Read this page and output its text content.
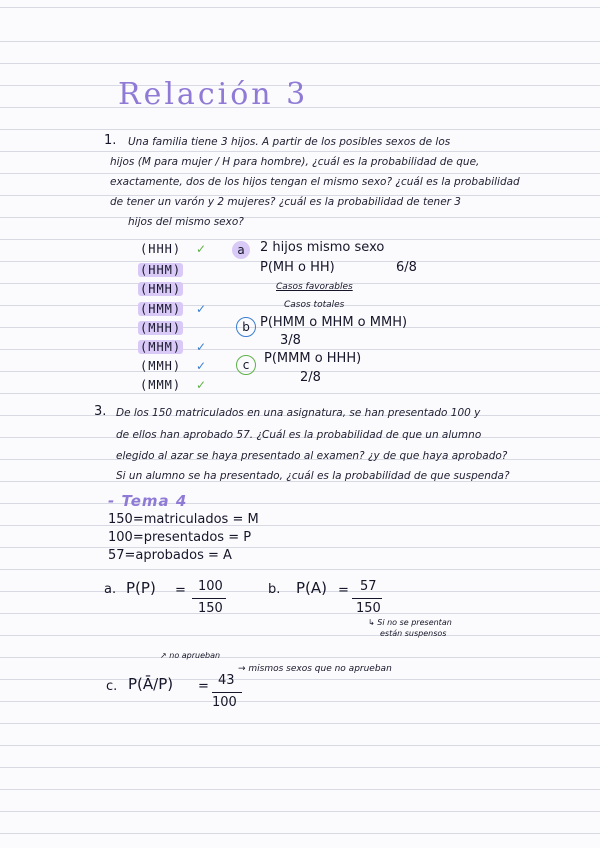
Relación 3
1. Una familia tiene 3 hijos. A partir de los posibles sexos de los
hijos (M para mujer / H para hombre), ¿cuál es la probabilidad de que,
exactamente, dos de los hijos tengan el mismo sexo? ¿cuál es la probabilidad
de tener un varón y 2 mujeres? ¿cuál es la probabilidad de tener 3
hijos del mismo sexo?
(HHH) ✓
(HHM)
(HMH)
(HMM) ✓
(MHH)
(MHM) ✓
(MMH) ✓
(MMM) ✓
a	2 hijos mismo sexo
P(MH o HH)	6/8
Casos favorables
Casos totales
b P(HMM o MHM o MMH)
3/8
c	P(MMM o HHH)
2/8
3. De los 150 matriculados en una asignatura, se han presentado 100 y
de ellos han aprobado 57. ¿Cuál es la probabilidad de que un alumno
elegido al azar se haya presentado al examen? ¿y de que haya aprobado?
Si un alumno se ha presentado, ¿cuál es la probabilidad de que suspenda?
- Tema 4
150=matriculados = M
100=presentados = P
57=aprobados = A
a. P(P) = 100
150
b. P(A) = 57
150
↳ Si no se presentan
están suspensos
↗ no aprueban
c. P(Ā/P) = 43
100
→ mismos sexos que no aprueban
